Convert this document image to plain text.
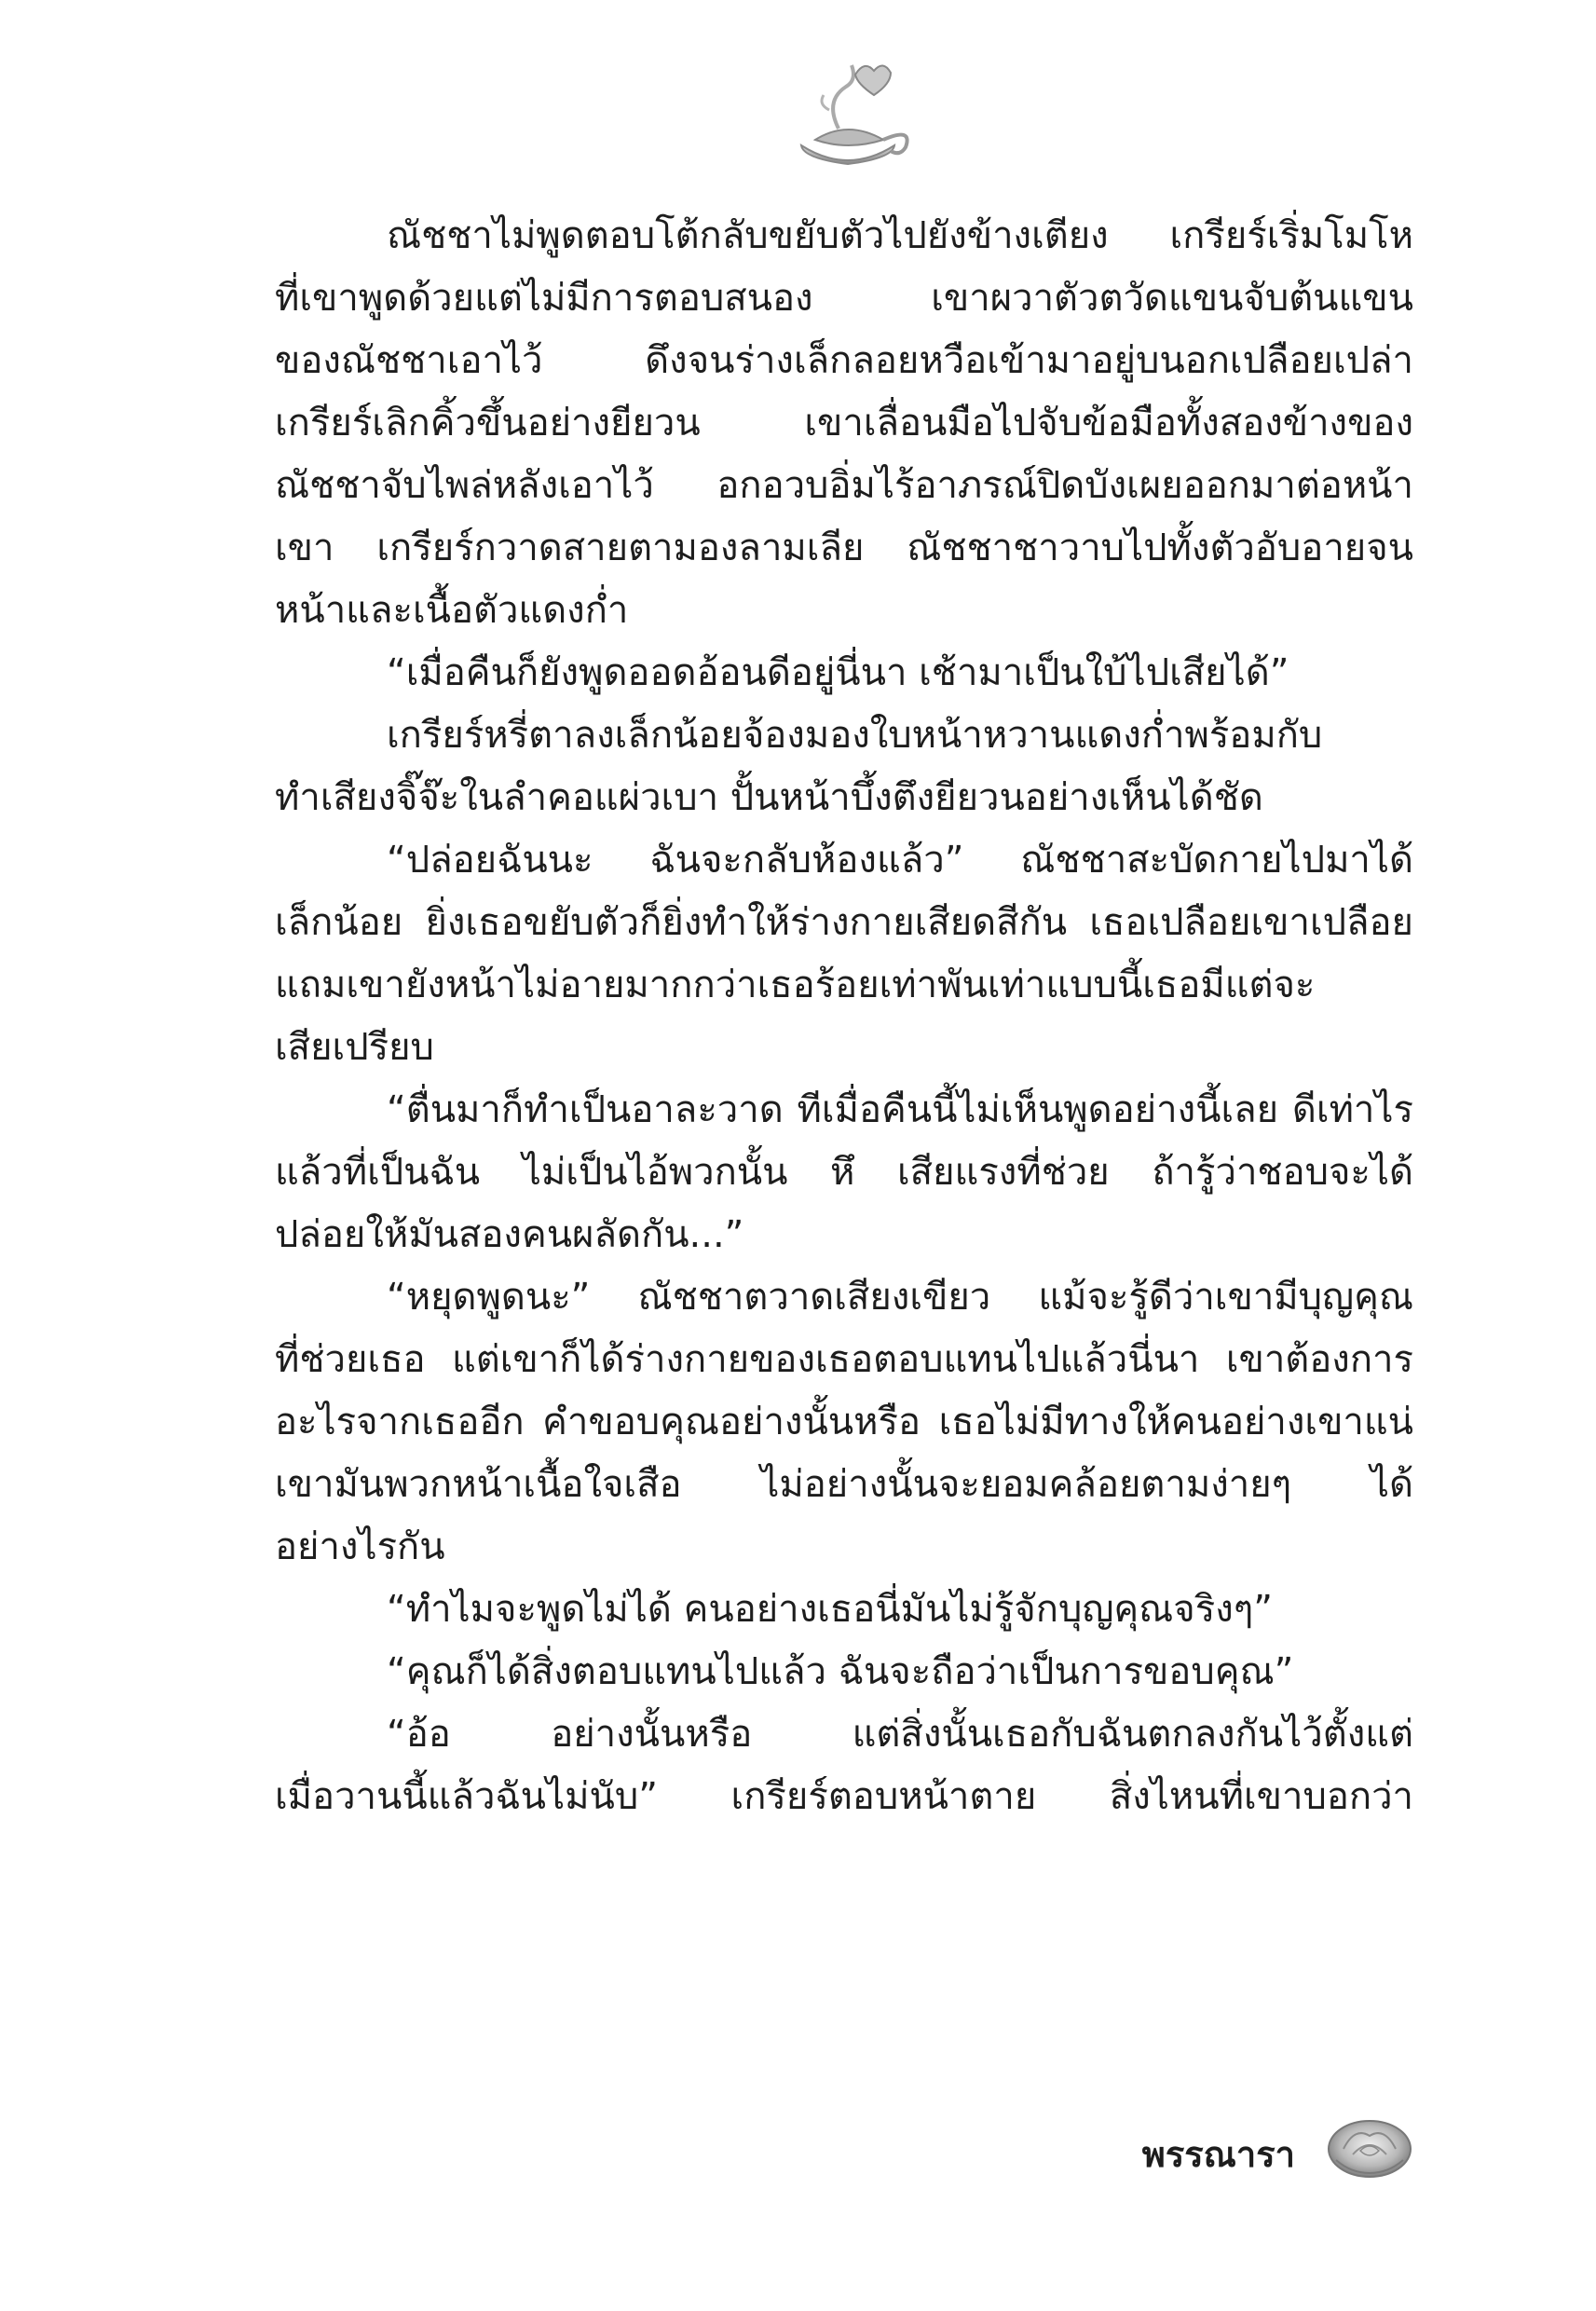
ณัชชาไม่พูดตอบโต้กลับขยับตัวไปยังข้างเตียง เกรียร์เริ่มโมโห
ที่เขาพูดด้วยแต่ไม่มีการตอบสนอง เขาผวาตัวตวัดแขนจับต้นแขน
ของณัชชาเอาไว้ ดึงจนร่างเล็กลอยหวือเข้ามาอยู่บนอกเปลือยเปล่า
เกรียร์เลิกคิ้วขึ้นอย่างยียวน เขาเลื่อนมือไปจับข้อมือทั้งสองข้างของ
ณัชชาจับไพล่หลังเอาไว้ อกอวบอิ่มไร้อาภรณ์ปิดบังเผยออกมาต่อหน้า
เขา เกรียร์กวาดสายตามองลามเลีย ณัชชาชาวาบไปทั้งตัวอับอายจน
หน้าและเนื้อตัวแดงก่ำ
“เมื่อคืนก็ยังพูดออดอ้อนดีอยู่นี่นา เช้ามาเป็นใบ้ไปเสียได้”
เกรียร์หรี่ตาลงเล็กน้อยจ้องมองใบหน้าหวานแดงก่ำพร้อมกับ
ทำเสียงจิ๊จ๊ะในลำคอแผ่วเบา ปั้นหน้าบึ้งตึงยียวนอย่างเห็นได้ชัด
“ปล่อยฉันนะ ฉันจะกลับห้องแล้ว” ณัชชาสะบัดกายไปมาได้
เล็กน้อย ยิ่งเธอขยับตัวก็ยิ่งทำให้ร่างกายเสียดสีกัน เธอเปลือยเขาเปลือย
แถมเขายังหน้าไม่อายมากกว่าเธอร้อยเท่าพันเท่าแบบนี้เธอมีแต่จะ
เสียเปรียบ
“ตื่นมาก็ทำเป็นอาละวาด ทีเมื่อคืนนี้ไม่เห็นพูดอย่างนี้เลย ดีเท่าไร
แล้วที่เป็นฉัน ไม่เป็นไอ้พวกนั้น หึ เสียแรงที่ช่วย ถ้ารู้ว่าชอบจะได้
ปล่อยให้มันสองคนผลัดกัน...”
“หยุดพูดนะ” ณัชชาตวาดเสียงเขียว แม้จะรู้ดีว่าเขามีบุญคุณ
ที่ช่วยเธอ แต่เขาก็ได้ร่างกายของเธอตอบแทนไปแล้วนี่นา เขาต้องการ
อะไรจากเธออีก คำขอบคุณอย่างนั้นหรือ เธอไม่มีทางให้คนอย่างเขาแน่
เขามันพวกหน้าเนื้อใจเสือ ไม่อย่างนั้นจะยอมคล้อยตามง่ายๆ ได้
อย่างไรกัน
“ทำไมจะพูดไม่ได้ คนอย่างเธอนี่มันไม่รู้จักบุญคุณจริงๆ”
“คุณก็ได้สิ่งตอบแทนไปแล้ว ฉันจะถือว่าเป็นการขอบคุณ”
“อ้อ อย่างนั้นหรือ แต่สิ่งนั้นเธอกับฉันตกลงกันไว้ตั้งแต่
เมื่อวานนี้แล้วฉันไม่นับ” เกรียร์ตอบหน้าตาย สิ่งไหนที่เขาบอกว่า
พรรณารา
